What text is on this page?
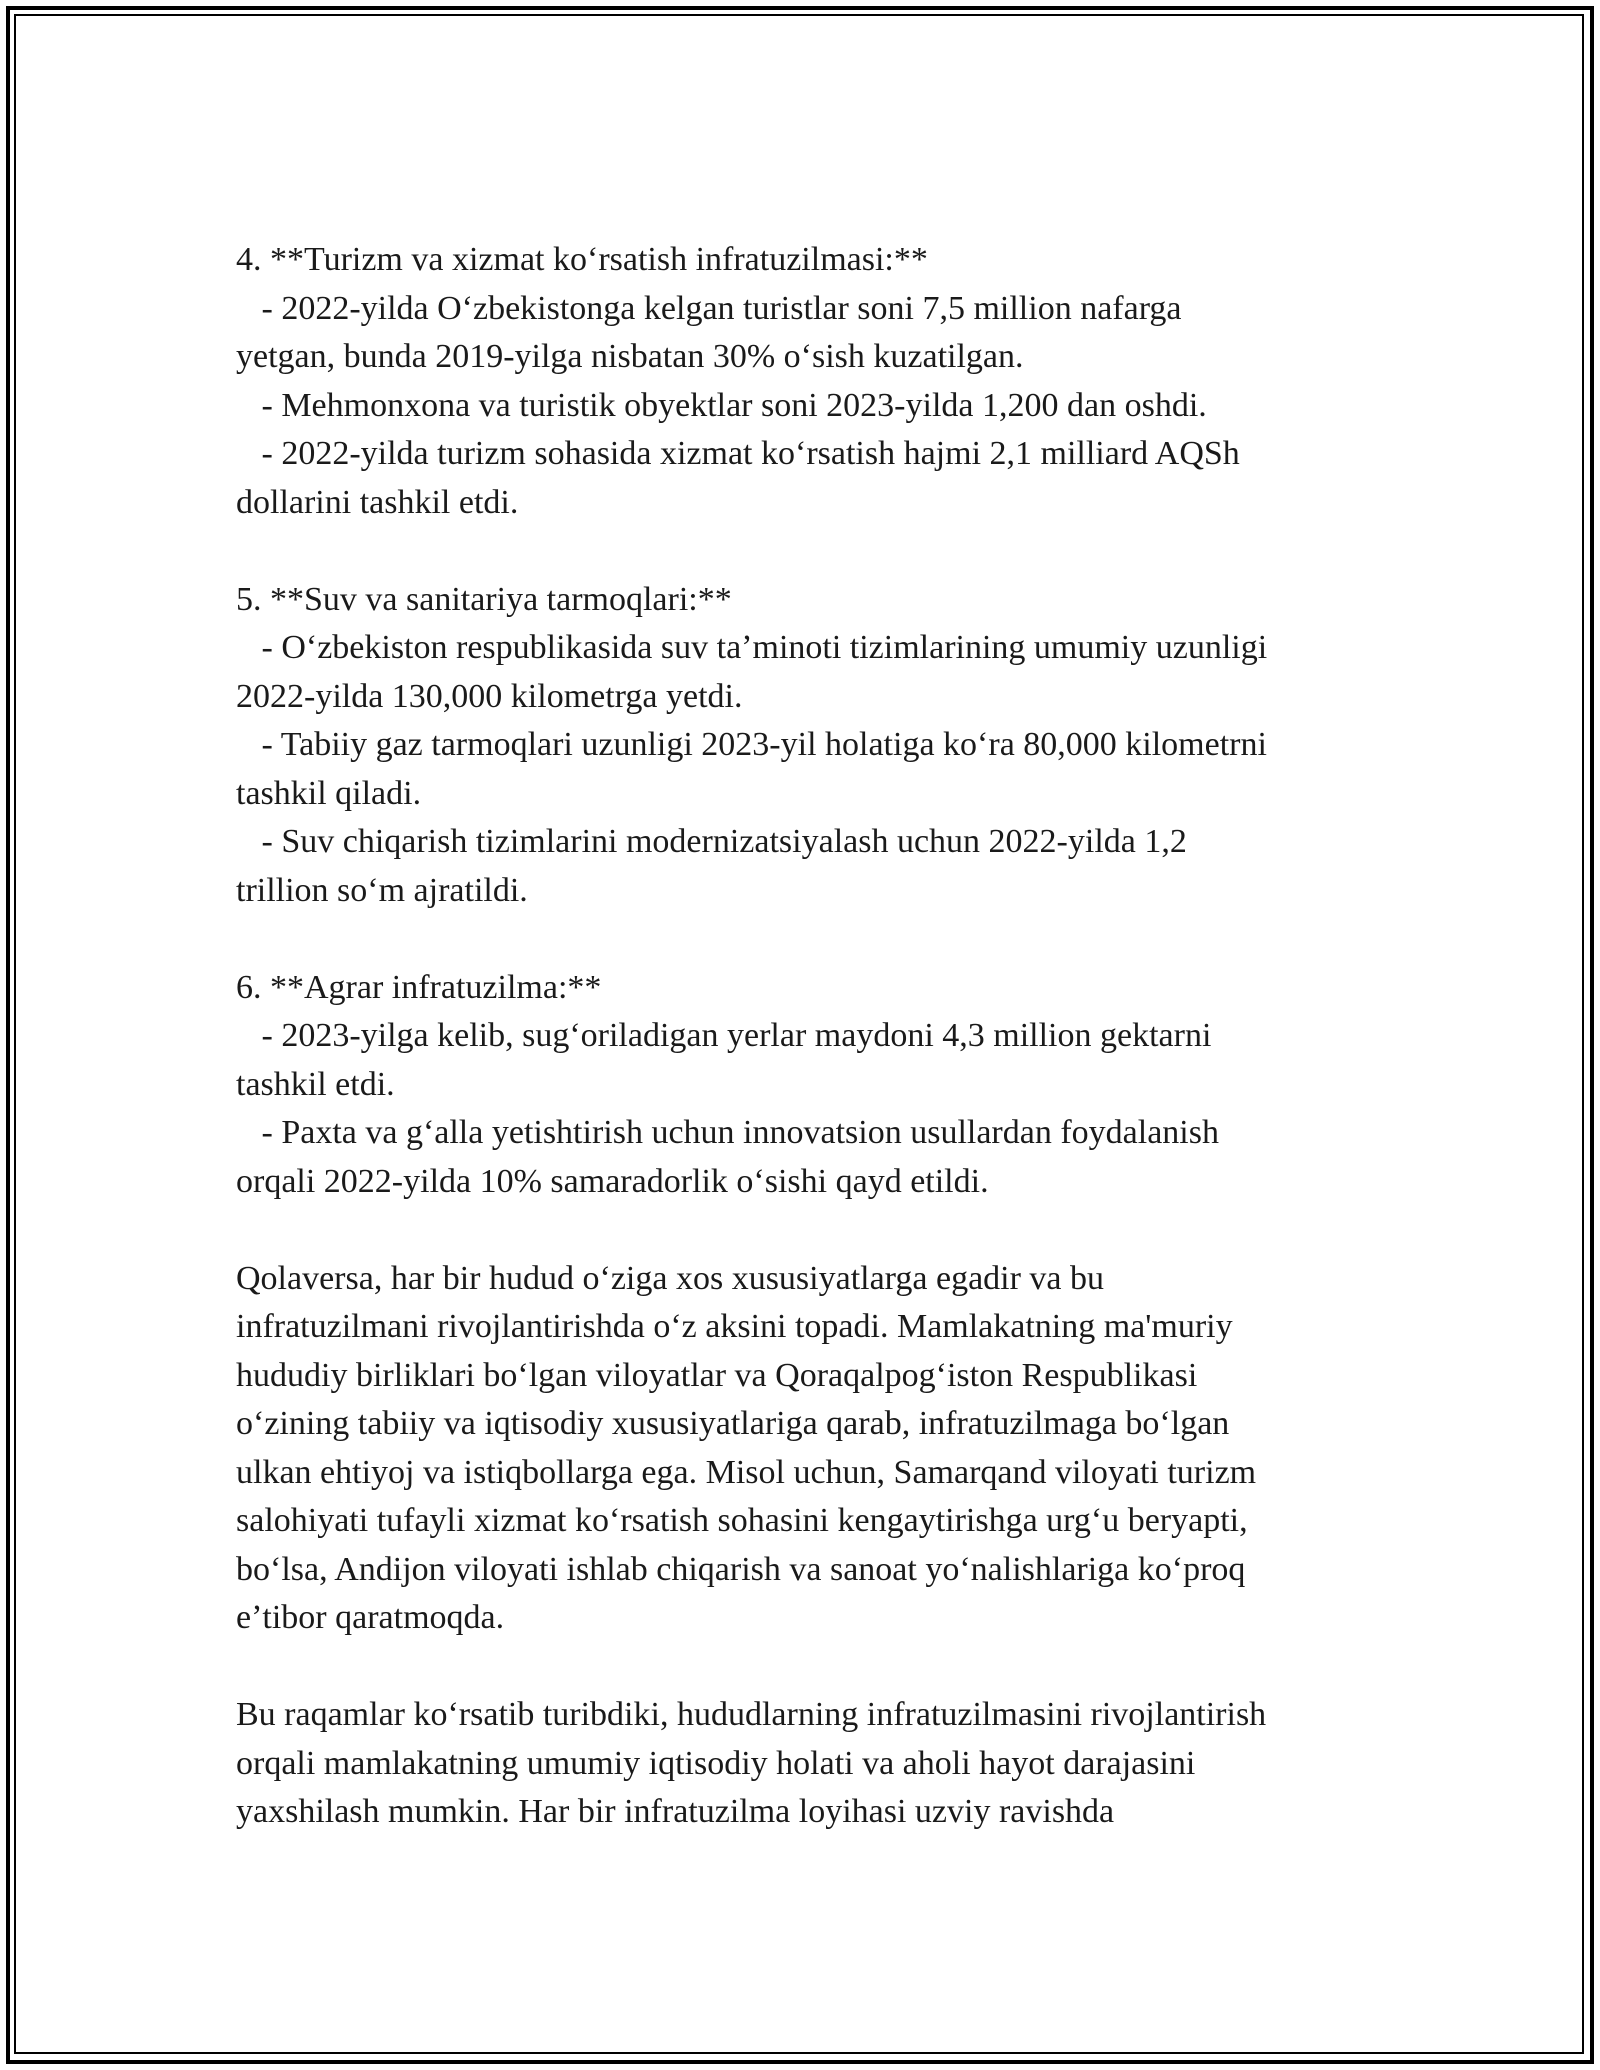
4. **Turizm va xizmat koʻrsatish infratuzilmasi:**
- 2022-yilda Oʻzbekistonga kelgan turistlar soni 7,5 million nafarga
yetgan, bunda 2019-yilga nisbatan 30% oʻsish kuzatilgan.
- Mehmonxona va turistik obyektlar soni 2023-yilda 1,200 dan oshdi.
- 2022-yilda turizm sohasida xizmat koʻrsatish hajmi 2,1 milliard AQSh
dollarini tashkil etdi.
5. **Suv va sanitariya tarmoqlari:**
- Oʻzbekiston respublikasida suv taʼminoti tizimlarining umumiy uzunligi
2022-yilda 130,000 kilometrga yetdi.
- Tabiiy gaz tarmoqlari uzunligi 2023-yil holatiga koʻra 80,000 kilometrni
tashkil qiladi.
- Suv chiqarish tizimlarini modernizatsiyalash uchun 2022-yilda 1,2
trillion soʻm ajratildi.
6. **Agrar infratuzilma:**
- 2023-yilga kelib, sugʻoriladigan yerlar maydoni 4,3 million gektarni
tashkil etdi.
- Paxta va gʻalla yetishtirish uchun innovatsion usullardan foydalanish
orqali 2022-yilda 10% samaradorlik oʻsishi qayd etildi.
Qolaversa, har bir hudud oʻziga xos xususiyatlarga egadir va bu
infratuzilmani rivojlantirishda oʻz aksini topadi. Mamlakatning ma'muriy
hududiy birliklari boʻlgan viloyatlar va Qoraqalpogʻiston Respublikasi
oʻzining tabiiy va iqtisodiy xususiyatlariga qarab, infratuzilmaga boʻlgan
ulkan ehtiyoj va istiqbollarga ega. Misol uchun, Samarqand viloyati turizm
salohiyati tufayli xizmat koʻrsatish sohasini kengaytirishga urgʻu beryapti,
boʻlsa, Andijon viloyati ishlab chiqarish va sanoat yoʻnalishlariga koʻproq
eʼtibor qaratmoqda.
Bu raqamlar koʻrsatib turibdiki, hududlarning infratuzilmasini rivojlantirish
orqali mamlakatning umumiy iqtisodiy holati va aholi hayot darajasini
yaxshilash mumkin. Har bir infratuzilma loyihasi uzviy ravishda
